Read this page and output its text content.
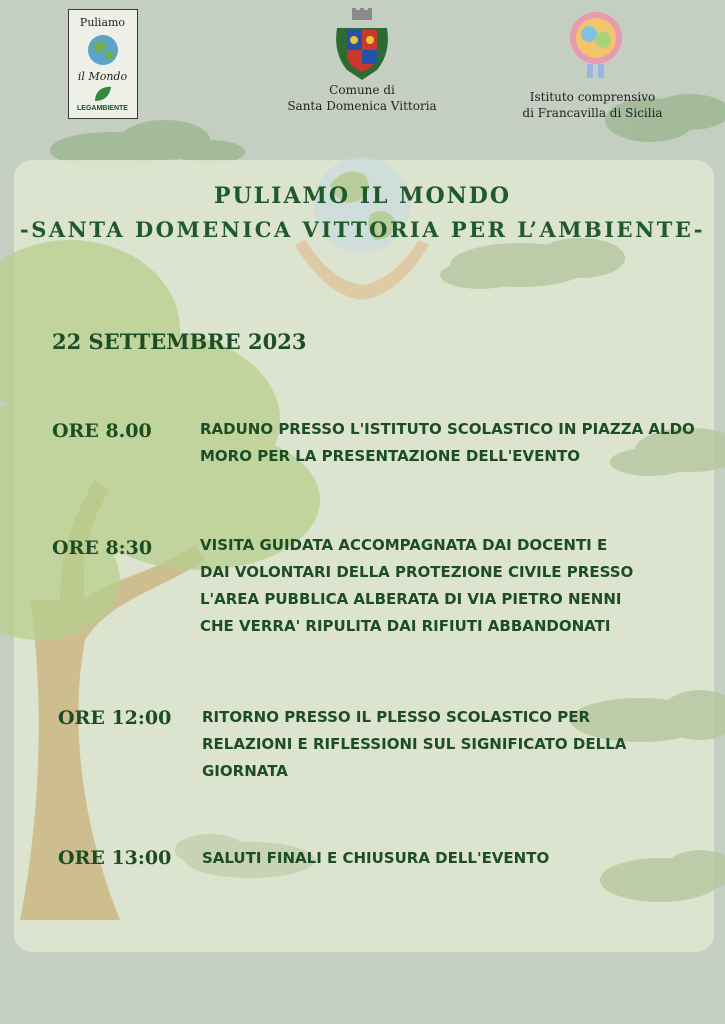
Puliamo
il Mondo
LEGAMBIENTE
Comune di
Santa Domenica Vittoria
Istituto comprensivo
di Francavilla di Sicilia
PULIAMO IL MONDO
-SANTA DOMENICA VITTORIA PER L’AMBIENTE-
22 SETTEMBRE 2023
ORE 8.00	RADUNO PRESSO L'ISTITUTO SCOLASTICO IN PIAZZA ALDO
MORO PER LA PRESENTAZIONE DELL'EVENTO
ORE 8:30	VISITA GUIDATA ACCOMPAGNATA DAI DOCENTI E
DAI VOLONTARI DELLA PROTEZIONE CIVILE PRESSO
L'AREA PUBBLICA ALBERATA DI VIA PIETRO NENNI
CHE VERRA' RIPULITA DAI RIFIUTI ABBANDONATI
ORE 12:00 RITORNO PRESSO IL PLESSO SCOLASTICO PER
RELAZIONI E RIFLESSIONI SUL SIGNIFICATO DELLA
GIORNATA
ORE 13:00 SALUTI FINALI E CHIUSURA DELL'EVENTO
